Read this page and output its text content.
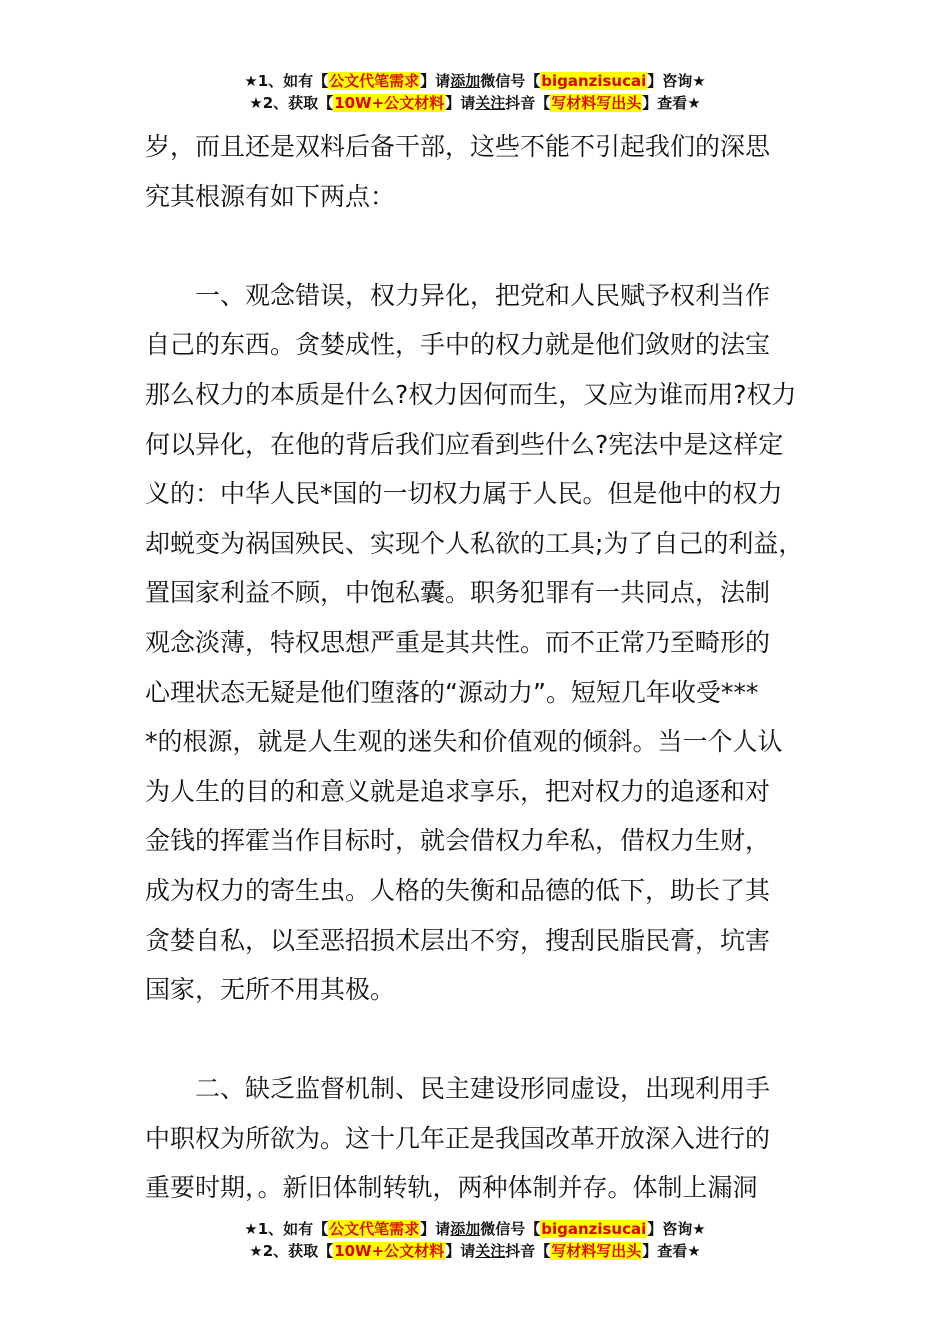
★1、如有【公文代笔需求】请添加微信号【biganzisucai】咨询★
★2、获取【10W+公文材料】请关注抖音【写材料写出头】查看★
岁，而且还是双料后备干部，这些不能不引起我们的深思
究其根源有如下两点：
　　一、观念错误，权力异化，把党和人民赋予权利当作
自己的东西。贪婪成性，手中的权力就是他们敛财的法宝
那么权力的本质是什么?权力因何而生，又应为谁而用?权力
何以异化，在他的背后我们应看到些什么?宪法中是这样定
义的：中华人民*国的一切权力属于人民。但是他中的权力
却蜕变为祸国殃民、实现个人私欲的工具;为了自己的利益，
置国家利益不顾，中饱私囊。职务犯罪有一共同点，法制
观念淡薄，特权思想严重是其共性。而不正常乃至畸形的
心理状态无疑是他们堕落的“源动力”。短短几年收受***
*的根源，就是人生观的迷失和价值观的倾斜。当一个人认
为人生的目的和意义就是追求享乐，把对权力的追逐和对
金钱的挥霍当作目标时，就会借权力牟私，借权力生财，
成为权力的寄生虫。人格的失衡和品德的低下，助长了其
贪婪自私，以至恶招损术层出不穷，搜刮民脂民膏，坑害
国家，无所不用其极。
　　二、缺乏监督机制、民主建设形同虚设，出现利用手
中职权为所欲为。这十几年正是我国改革开放深入进行的
重要时期，。新旧体制转轨，两种体制并存。体制上漏洞
★1、如有【公文代笔需求】请添加微信号【biganzisucai】咨询★
★2、获取【10W+公文材料】请关注抖音【写材料写出头】查看★
